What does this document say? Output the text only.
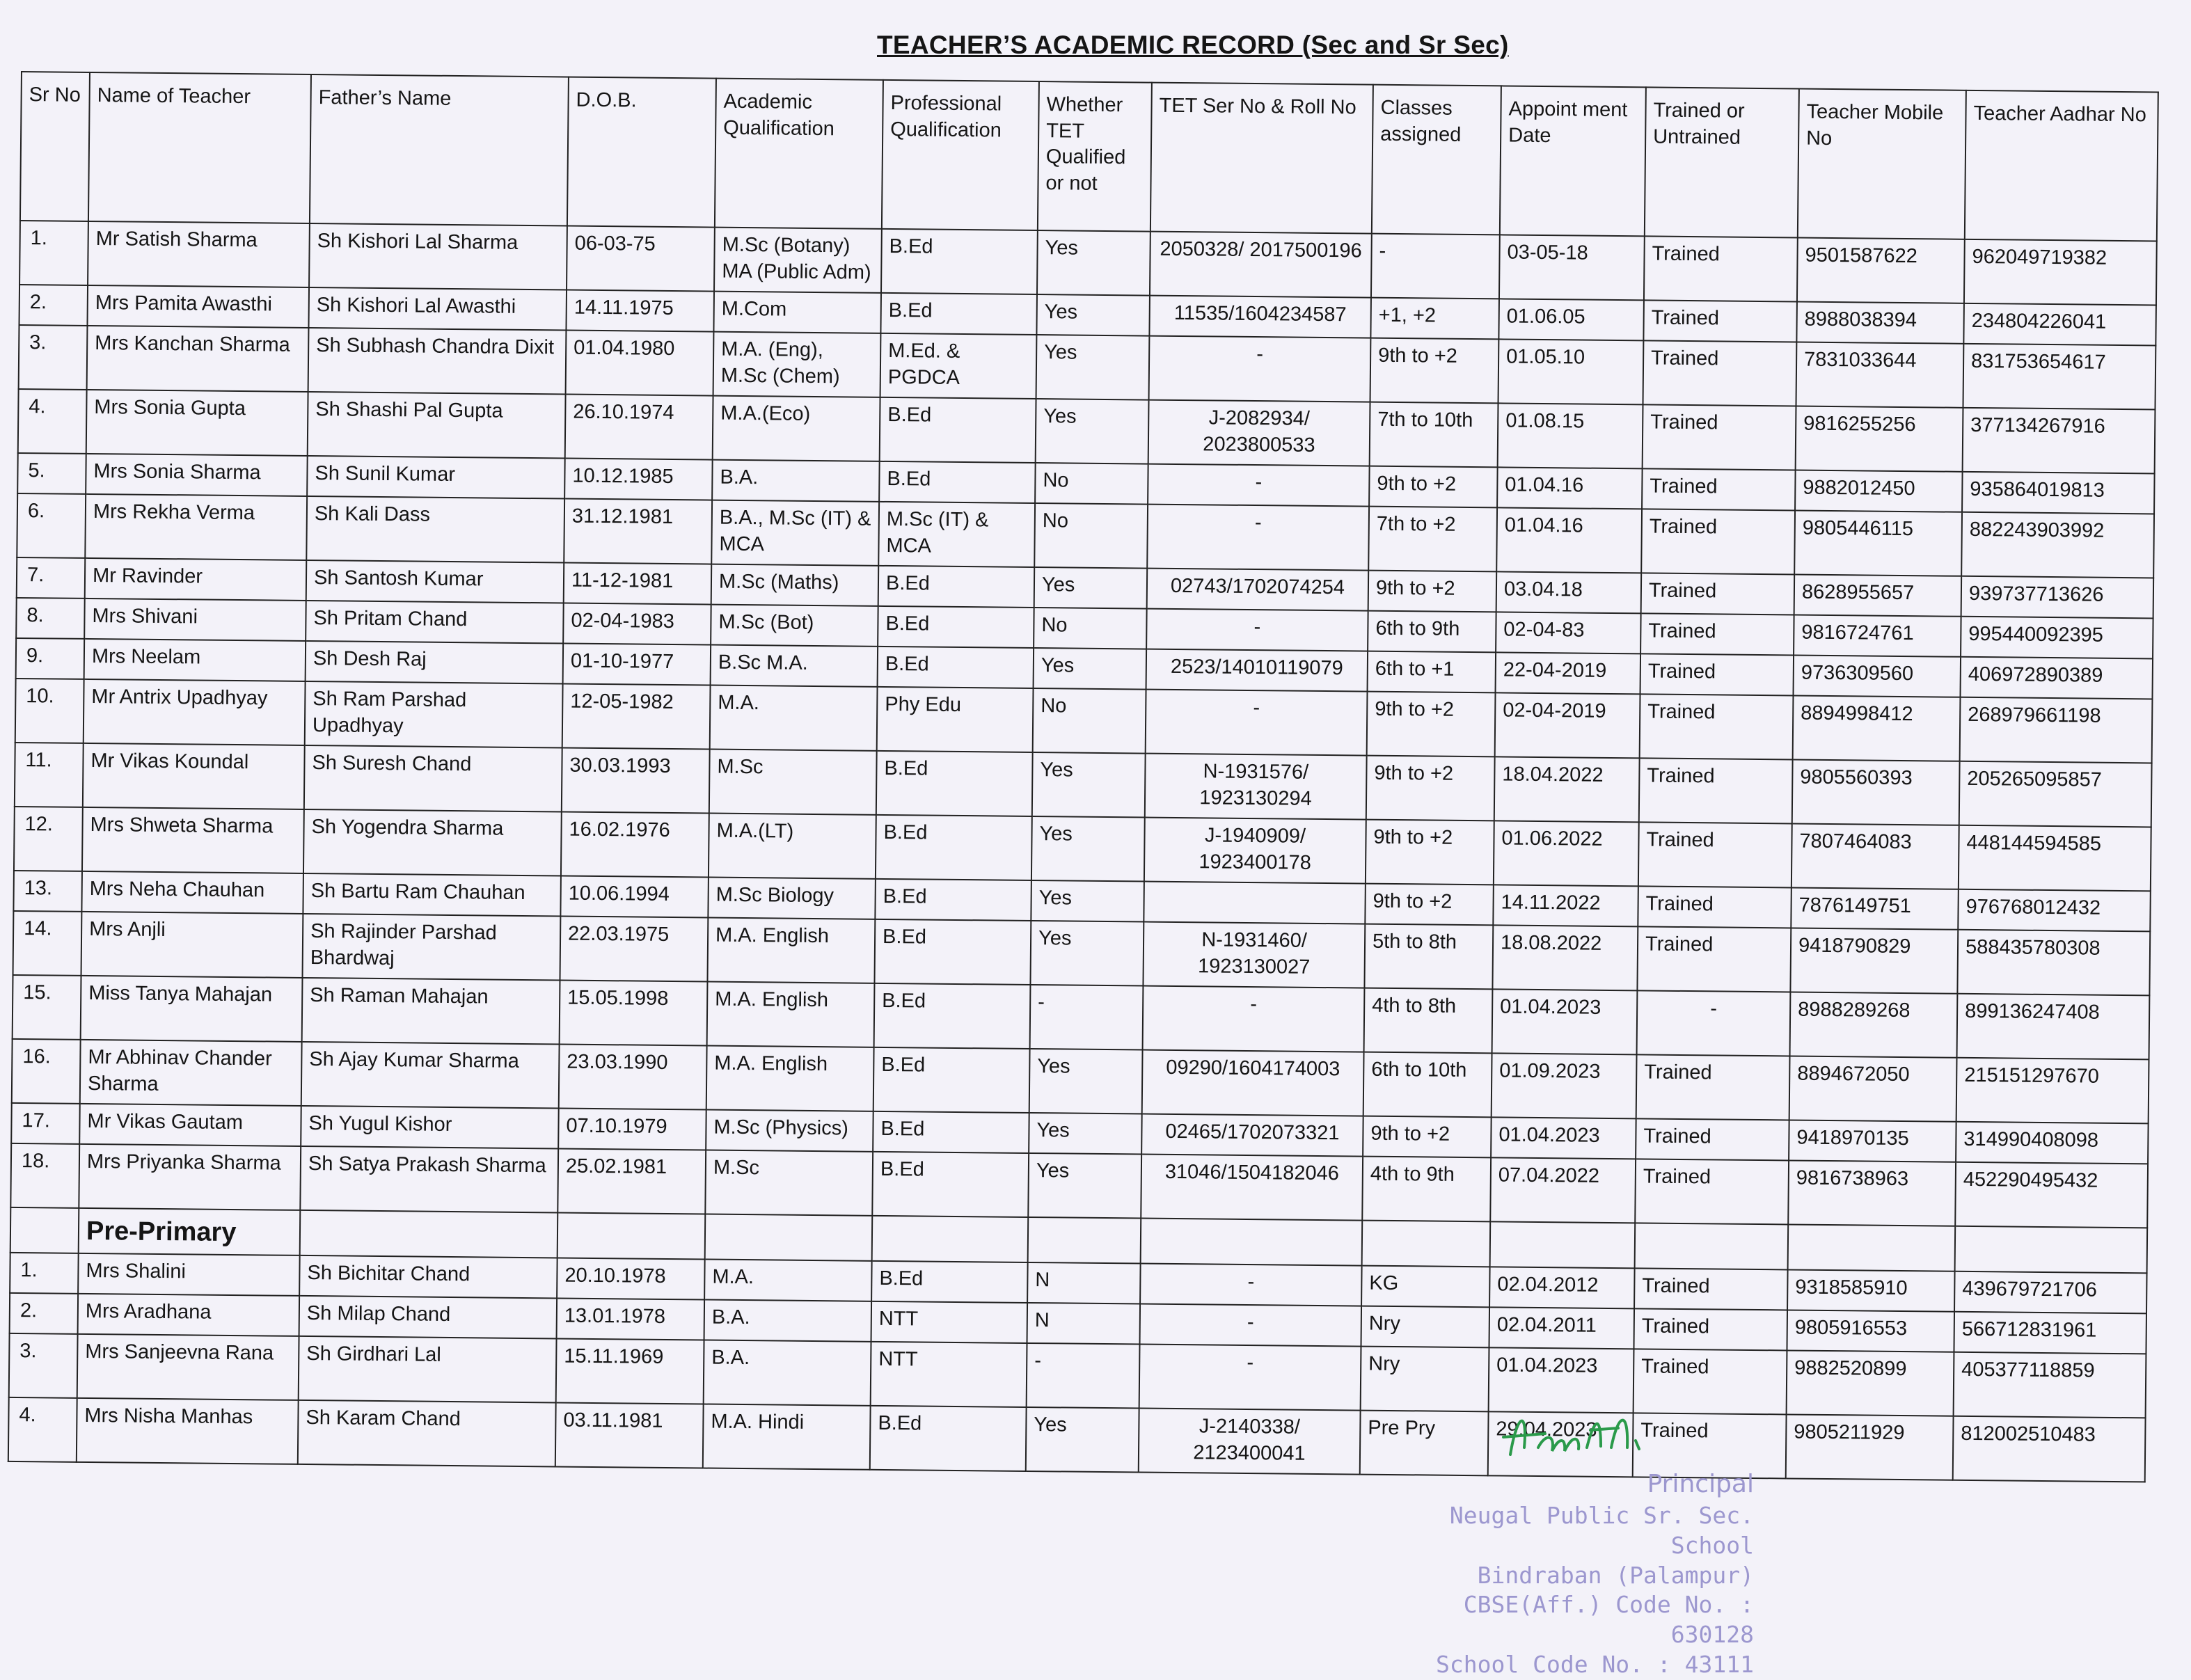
TEACHER’S ACADEMIC RECORD (Sec and Sr Sec)
Sr No	Name of Teacher	Father’s Name	D.O.B.	Academic Qualification	Professional Qualification	Whether TET Qualified or not	TET Ser No & Roll No	Classes assigned	Appoint ment Date	Trained or Untrained	Teacher Mobile No	Teacher Aadhar No
1.	Mr Satish Sharma	Sh Kishori Lal Sharma	06-03-75	M.Sc (Botany) MA (Public Adm)	B.Ed	Yes	2050328/ 2017500196	-	03-05-18	Trained	9501587622	962049719382
2.	Mrs Pamita Awasthi	Sh Kishori Lal Awasthi	14.11.1975	M.Com	B.Ed	Yes	11535/1604234587	+1, +2	01.06.05	Trained	8988038394	234804226041
3.	Mrs Kanchan Sharma	Sh Subhash Chandra Dixit	01.04.1980	M.A. (Eng), M.Sc (Chem)	M.Ed. & PGDCA	Yes	-	9th to +2	01.05.10	Trained	7831033644	831753654617
4.	Mrs Sonia Gupta	Sh Shashi Pal Gupta	26.10.1974	M.A.(Eco)	B.Ed	Yes	J-2082934/ 2023800533	7th to 10th	01.08.15	Trained	9816255256	377134267916
5.	Mrs Sonia Sharma	Sh Sunil Kumar	10.12.1985	B.A.	B.Ed	No	-	9th to +2	01.04.16	Trained	9882012450	935864019813
6.	Mrs Rekha Verma	Sh Kali Dass	31.12.1981	B.A., M.Sc (IT) & MCA	M.Sc (IT) & MCA	No	-	7th to +2	01.04.16	Trained	9805446115	882243903992
7.	Mr Ravinder	Sh Santosh Kumar	11-12-1981	M.Sc (Maths)	B.Ed	Yes	02743/1702074254	9th to +2	03.04.18	Trained	8628955657	939737713626
8.	Mrs Shivani	Sh Pritam Chand	02-04-1983	M.Sc (Bot)	B.Ed	No	-	6th to 9th	02-04-83	Trained	9816724761	995440092395
9.	Mrs Neelam	Sh Desh Raj	01-10-1977	B.Sc M.A.	B.Ed	Yes	2523/14010119079	6th to +1	22-04-2019	Trained	9736309560	406972890389
10.	Mr Antrix Upadhyay	Sh Ram Parshad Upadhyay	12-05-1982	M.A.	Phy Edu	No	-	9th to +2	02-04-2019	Trained	8894998412	268979661198
11.	Mr Vikas Koundal	Sh Suresh Chand	30.03.1993	M.Sc	B.Ed	Yes	N-1931576/ 1923130294	9th to +2	18.04.2022	Trained	9805560393	205265095857
12.	Mrs Shweta Sharma	Sh Yogendra Sharma	16.02.1976	M.A.(LT)	B.Ed	Yes	J-1940909/ 1923400178	9th to +2	01.06.2022	Trained	7807464083	448144594585
13.	Mrs Neha Chauhan	Sh Bartu Ram Chauhan	10.06.1994	M.Sc Biology	B.Ed	Yes		9th to +2	14.11.2022	Trained	7876149751	976768012432
14.	Mrs Anjli	Sh Rajinder Parshad Bhardwaj	22.03.1975	M.A. English	B.Ed	Yes	N-1931460/ 1923130027	5th to 8th	18.08.2022	Trained	9418790829	588435780308
15.	Miss Tanya Mahajan	Sh Raman Mahajan	15.05.1998	M.A. English	B.Ed	-	-	4th to 8th	01.04.2023	-	8988289268	899136247408
16.	Mr Abhinav Chander Sharma	Sh Ajay Kumar Sharma	23.03.1990	M.A. English	B.Ed	Yes	09290/1604174003	6th to 10th	01.09.2023	Trained	8894672050	215151297670
17.	Mr Vikas Gautam	Sh Yugul Kishor	07.10.1979	M.Sc (Physics)	B.Ed	Yes	02465/1702073321	9th to +2	01.04.2023	Trained	9418970135	314990408098
18.	Mrs Priyanka Sharma	Sh Satya Prakash Sharma	25.02.1981	M.Sc	B.Ed	Yes	31046/1504182046	4th to 9th	07.04.2022	Trained	9816738963	452290495432
	Pre-Primary											
1.	Mrs Shalini	Sh Bichitar Chand	20.10.1978	M.A.	B.Ed	N	-	KG	02.04.2012	Trained	9318585910	439679721706
2.	Mrs Aradhana	Sh Milap Chand	13.01.1978	B.A.	NTT	N	-	Nry	02.04.2011	Trained	9805916553	566712831961
3.	Mrs Sanjeevna Rana	Sh Girdhari Lal	15.11.1969	B.A.	NTT	-	-	Nry	01.04.2023	Trained	9882520899	405377118859
4.	Mrs Nisha Manhas	Sh Karam Chand	03.11.1981	M.A. Hindi	B.Ed	Yes	J-2140338/ 2123400041	Pre Pry	29.04.2023	Trained	9805211929	812002510483
Principal
Neugal Public Sr. Sec. School
Bindraban (Palampur)
CBSE(Aff.) Code No. : 630128
School Code No. : 43111
